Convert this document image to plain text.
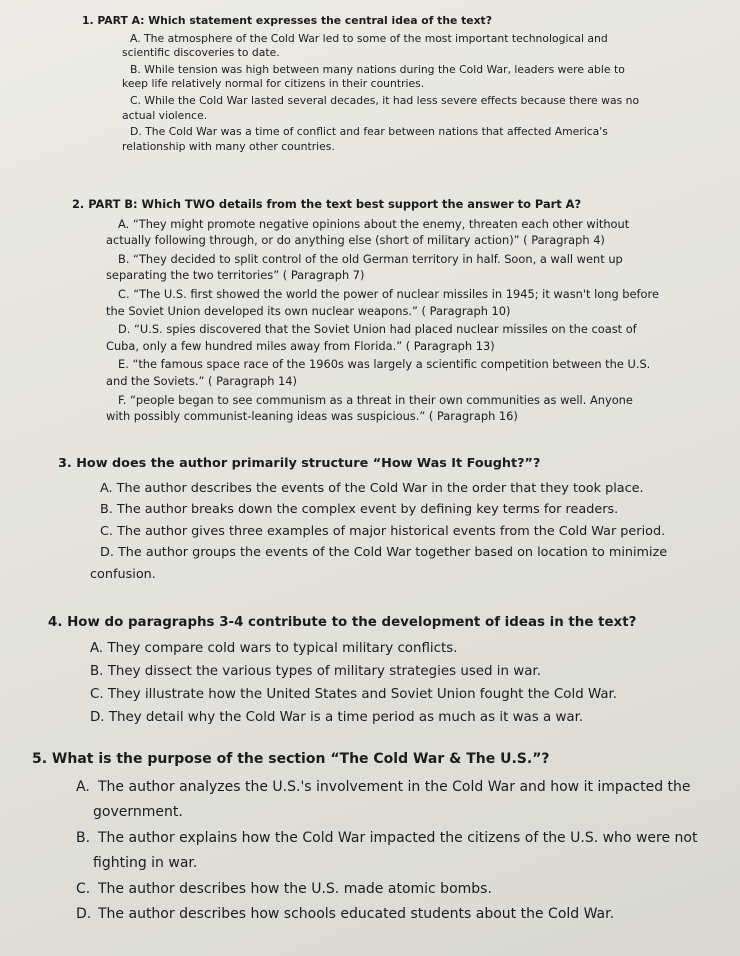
1. PART A: Which statement expresses the central idea of the text?

A. The atmosphere of the Cold War led to some of the most important technological and
scientific discoveries to date.

B. While tension was high between many nations during the Cold War, leaders were able to
keep life relatively normal for citizens in their countries.

C. While the Cold War lasted several decades, it had less severe effects because there was no
actual violence.

D. The Cold War was a time of conflict and fear between nations that affected America's
relationship with many other countries.

2. PART B: Which TWO details from the text best support the answer to Part A?

A. “They might promote negative opinions about the enemy, threaten each other without
actually following through, or do anything else (short of military action)” ( Paragraph 4)

B. “They decided to split control of the old German territory in half. Soon, a wall went up
separating the two territories” ( Paragraph 7)

C. “The U.S. first showed the world the power of nuclear missiles in 1945; it wasn't long before
the Soviet Union developed its own nuclear weapons.” ( Paragraph 10)

D. “U.S. spies discovered that the Soviet Union had placed nuclear missiles on the coast of
Cuba, only a few hundred miles away from Florida.” ( Paragraph 13)

E. “the famous space race of the 1960s was largely a scientific competition between the U.S.
and the Soviets.” ( Paragraph 14)

F. “people began to see communism as a threat in their own communities as well. Anyone
with possibly communist-leaning ideas was suspicious.” ( Paragraph 16)

3. How does the author primarily structure “How Was It Fought?”?

A. The author describes the events of the Cold War in the order that they took place.

B. The author breaks down the complex event by defining key terms for readers.

C. The author gives three examples of major historical events from the Cold War period.

D. The author groups the events of the Cold War together based on location to minimize
confusion.

4. How do paragraphs 3-4 contribute to the development of ideas in the text?

A. They compare cold wars to typical military conflicts.

B. They dissect the various types of military strategies used in war.

C. They illustrate how the United States and Soviet Union fought the Cold War.

D. They detail why the Cold War is a time period as much as it was a war.

5. What is the purpose of the section “The Cold War & The U.S.”?

A. The author analyzes the U.S.'s involvement in the Cold War and how it impacted the
government.

B. The author explains how the Cold War impacted the citizens of the U.S. who were not
fighting in war.

C. The author describes how the U.S. made atomic bombs.

D. The author describes how schools educated students about the Cold War.
